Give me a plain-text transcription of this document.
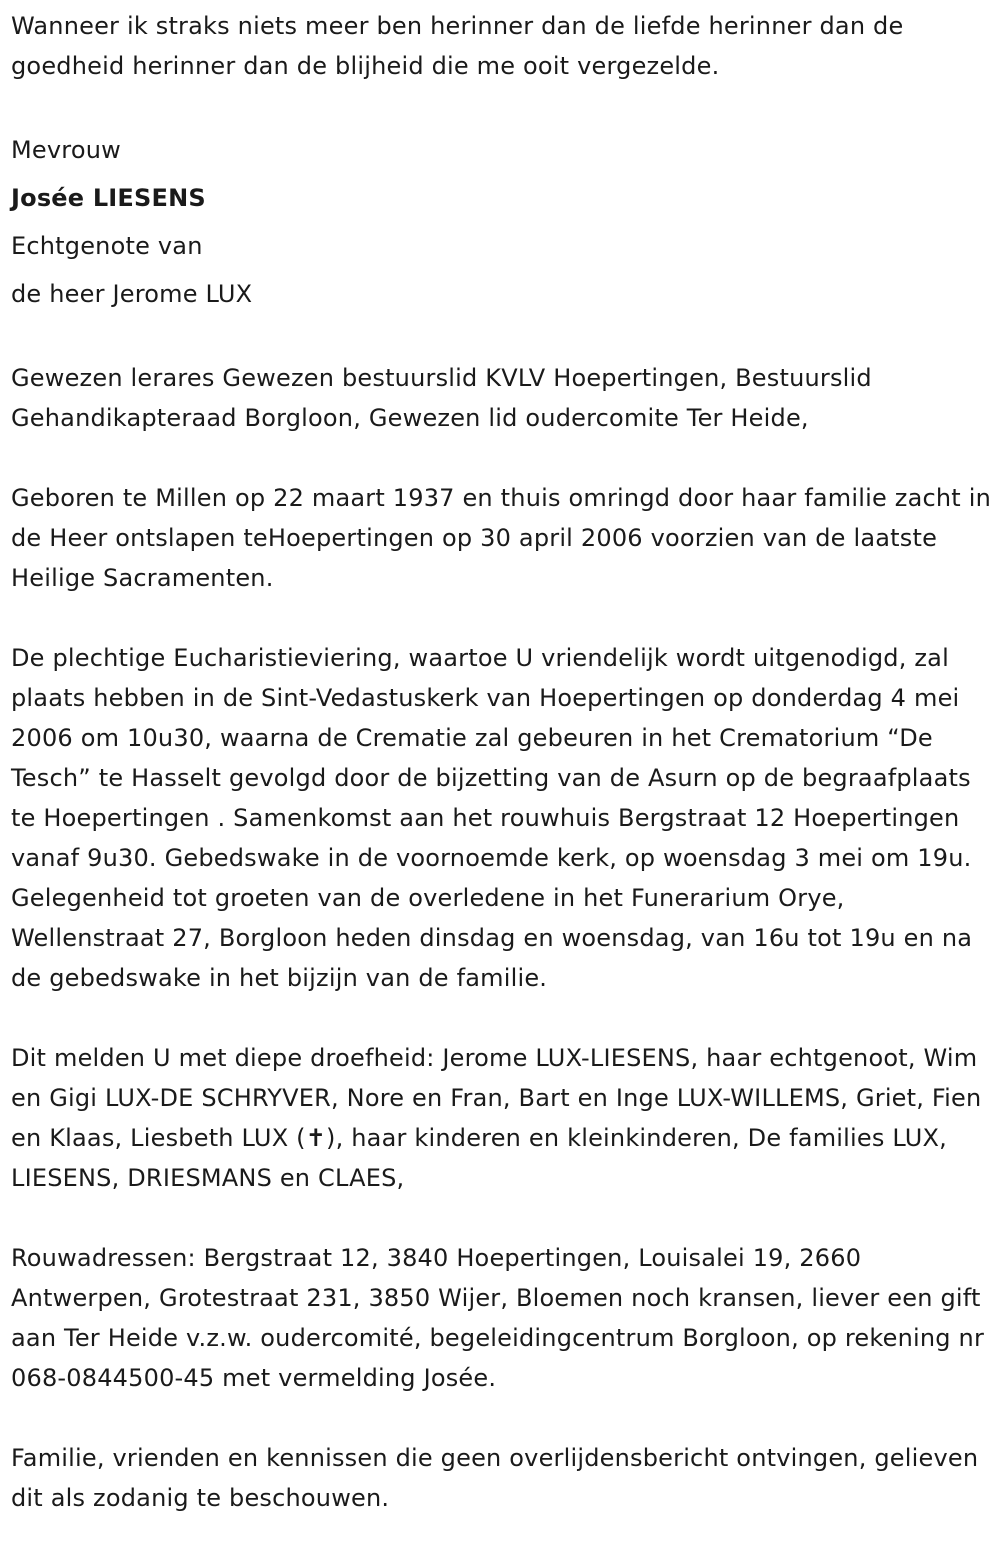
Wanneer ik straks niets meer ben herinner dan de liefde herinner dan de goedheid herinner dan de blijheid die me ooit vergezelde.

Mevrouw

Josée LIESENS

Echtgenote van

de heer Jerome LUX

Gewezen lerares Gewezen bestuurslid KVLV Hoepertingen, Bestuurslid Gehandikapteraad Borgloon, Gewezen lid oudercomite Ter Heide,

Geboren te Millen op 22 maart 1937 en thuis omringd door haar familie zacht in de Heer ontslapen teHoepertingen op 30 april 2006 voorzien van de laatste Heilige Sacramenten.

De plechtige Eucharistieviering, waartoe U vriendelijk wordt uitgenodigd, zal plaats hebben in de Sint-Vedastuskerk van Hoepertingen op donderdag 4 mei 2006 om 10u30, waarna de Crematie zal gebeuren in het Crematorium “De Tesch” te Hasselt gevolgd door de bijzetting van de Asurn op de begraafplaats te Hoepertingen . Samenkomst aan het rouwhuis Bergstraat 12 Hoepertingen vanaf 9u30. Gebedswake in de voornoemde kerk, op woensdag 3 mei om 19u. Gelegenheid tot groeten van de overledene in het Funerarium Orye, Wellenstraat 27, Borgloon heden dinsdag en woensdag, van 16u tot 19u en na de gebedswake in het bijzijn van de familie.

Dit melden U met diepe droefheid: Jerome LUX-LIESENS, haar echtgenoot, Wim en Gigi LUX-DE SCHRYVER, Nore en Fran, Bart en Inge LUX-WILLEMS, Griet, Fien en Klaas, Liesbeth LUX (✝), haar kinderen en kleinkinderen, De families LUX, LIESENS, DRIESMANS en CLAES,

Rouwadressen: Bergstraat 12, 3840 Hoepertingen, Louisalei 19, 2660 Antwerpen, Grotestraat 231, 3850 Wijer, Bloemen noch kransen, liever een gift aan Ter Heide v.z.w. oudercomité, begeleidingcentrum Borgloon, op rekening nr 068-0844500-45 met vermelding Josée.

Familie, vrienden en kennissen die geen overlijdensbericht ontvingen, gelieven dit als zodanig te beschouwen.
